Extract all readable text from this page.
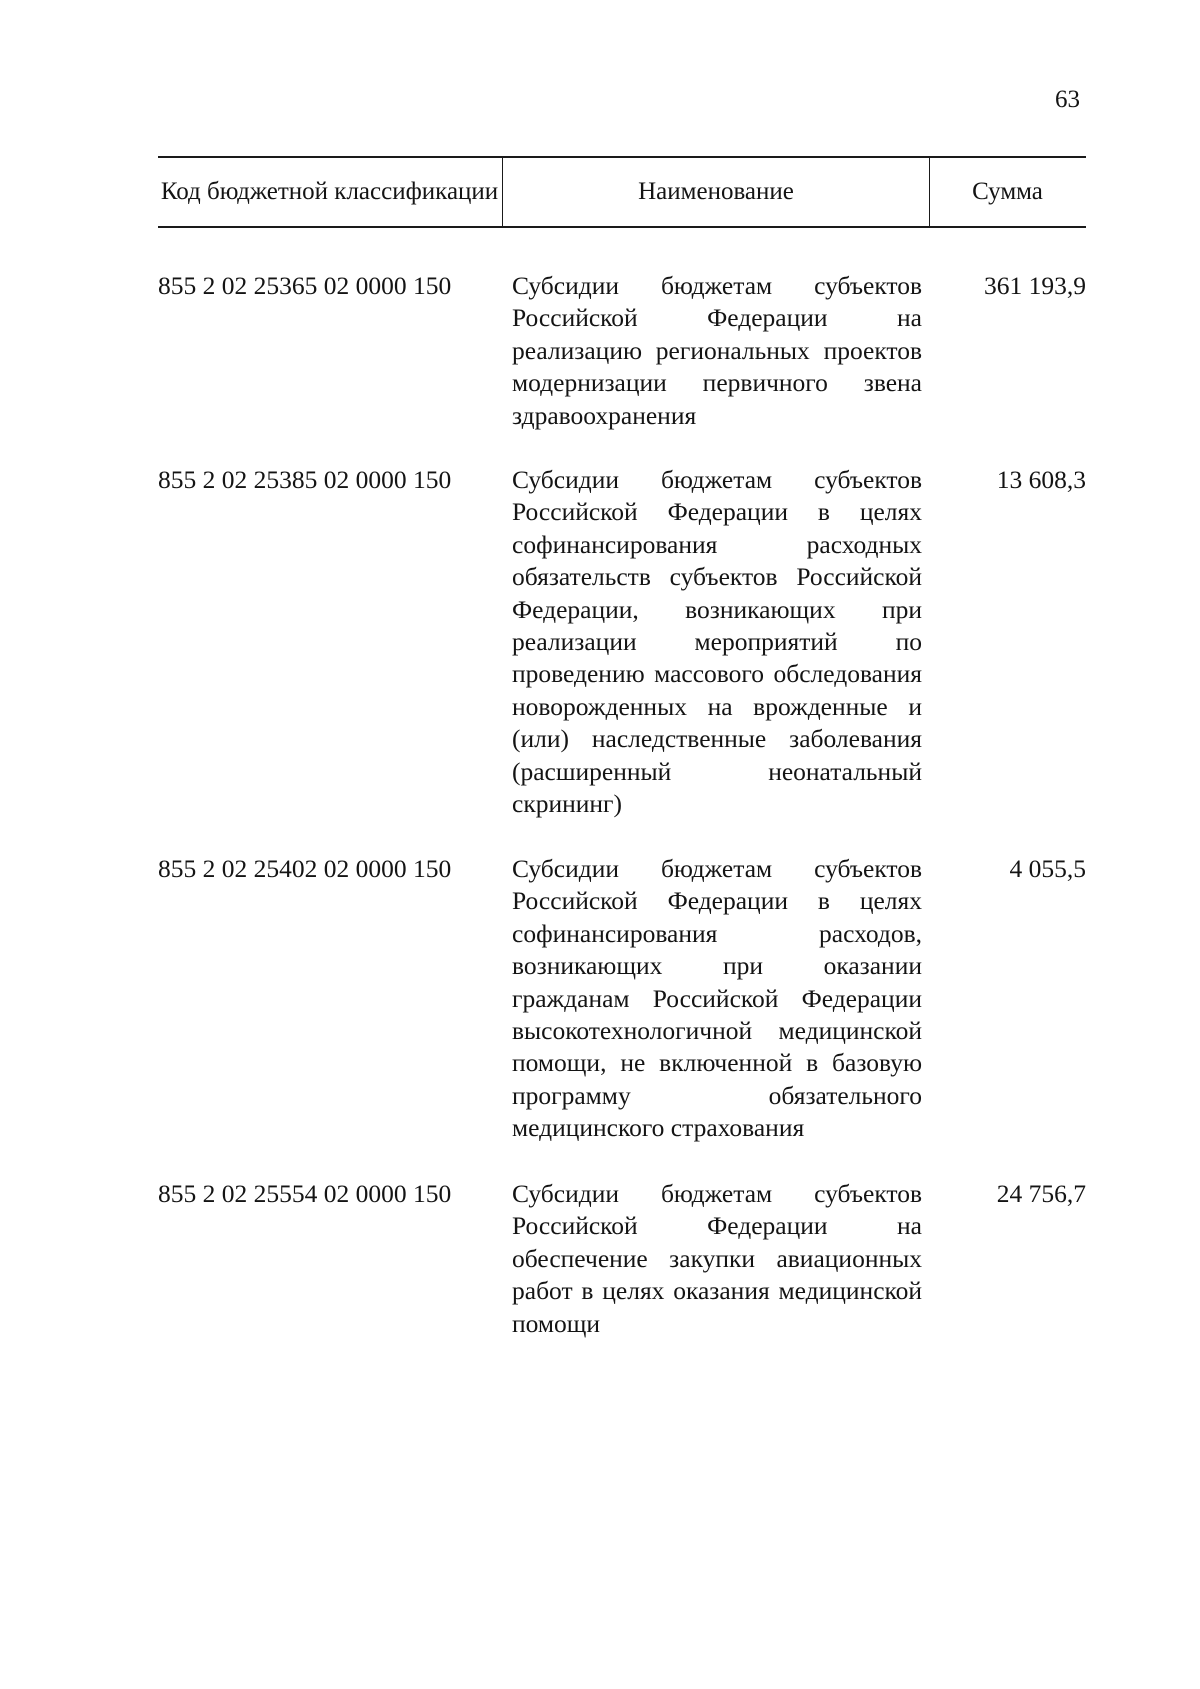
63
Код бюджетной классификации	Наименование	Сумма
855 2 02 25365 02 0000 150 Субсидии бюджетам субъектов Российской Федерации на реализацию региональных проектов модернизации первичного звена здравоохранения
361 193,9
855 2 02 25385 02 0000 150 Субсидии бюджетам субъектов Российской Федерации в целях софинансирования расходных обязательств субъектов Российской Федерации, возникающих при реализации мероприятий по проведению массового обследования новорожденных на врожденные и (или) наследственные заболевания (расширенный неонатальный скрининг)
13 608,3
855 2 02 25402 02 0000 150 Субсидии бюджетам субъектов Российской Федерации в целях софинансирования расходов, возникающих при оказании гражданам Российской Федерации высокотехнологичной медицинской помощи, не включенной в базовую программу обязательного медицинского страхования
4 055,5
855 2 02 25554 02 0000 150 Субсидии бюджетам субъектов Российской Федерации на обеспечение закупки авиационных работ в целях оказания медицинской помощи
24 756,7
